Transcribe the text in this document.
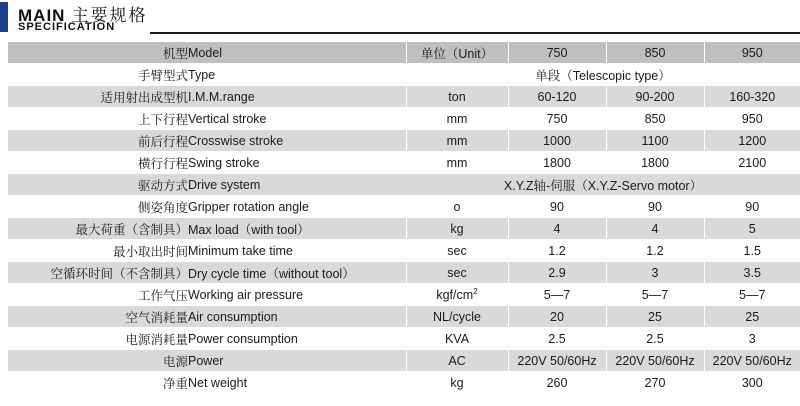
MAIN 主要规格
SPECIFICATION
机型	Model	单位（Unit）	750	850	950
手臂型式	Type	单段（Telescopic type）			
适用射出成型机	I.M.M.range	ton	60-120	90-200	160-320
上下行程	Vertical stroke	mm	750	850	950
前后行程	Crosswise stroke	mm	1000	1100	1200
横行行程	Swing stroke	mm	1800	1800	2100
驱动方式	Drive system	X.Y.Z轴-伺服（X.Y.Z-Servo motor）			
侧姿角度	Gripper rotation angle	o	90	90	90
最大荷重（含制具）	Max load（with tool）	kg	4	4	5
最小取出时间	Minimum take time	sec	1.2	1.2	1.5
空循环时间（不含制具）	Dry cycle time（without tool）	sec	2.9	3	3.5
工作气压	Working air pressure	kgf/$cm^2$	5—7	5—7	5—7
空气消耗量	Air consumption	NL/cycle	20	25	25
电源消耗量	Power consumption	KVA	2.5	2.5	3
电源	Power	AC	220V 50/60Hz	220V 50/60Hz	220V 50/60Hz
净重	Net weight	kg	260	270	300
